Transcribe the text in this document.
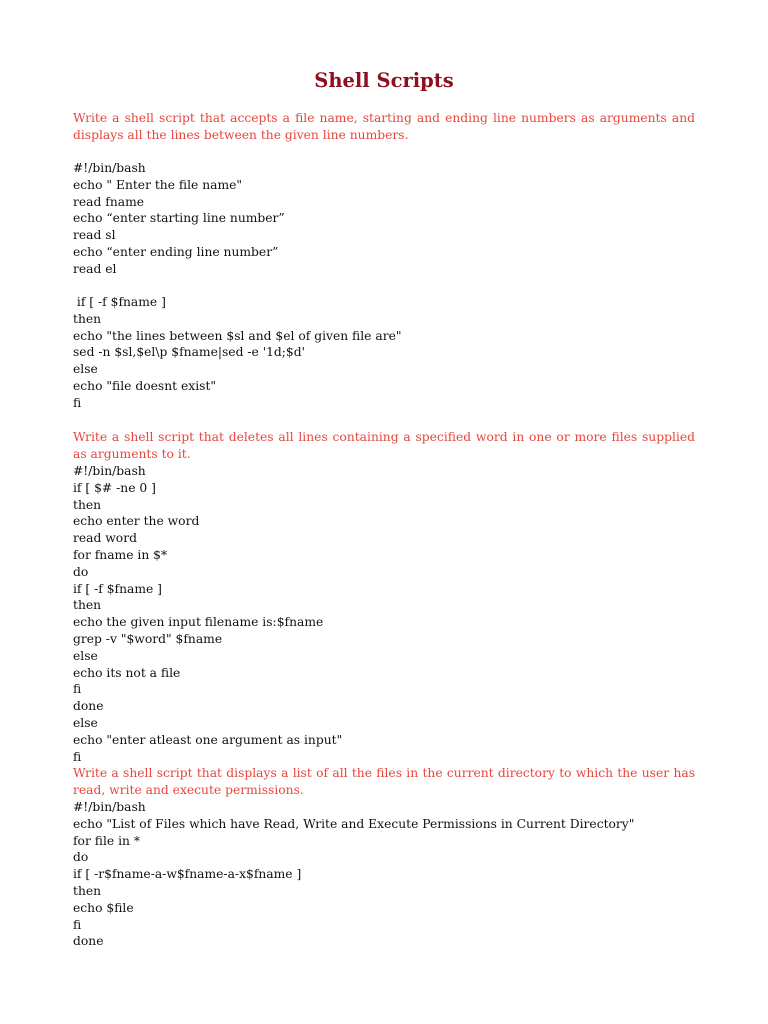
Shell Scripts

Write a shell script that accepts a file name, starting and ending line numbers as arguments and displays all the lines between the given line numbers.

#!/bin/bash
echo " Enter the file name"
read fname
echo “enter starting line number”
read sl
echo “enter ending line number”
read el
if [ -f $fname ]
then
echo "the lines between $sl and $el of given file are"
sed -n $sl,$el\p $fname|sed -e '1d;$d'
else
echo "file doesnt exist"
fi

Write a shell script that deletes all lines containing a specified word in one or more files supplied as arguments to it.

#!/bin/bash
if [ $# -ne 0 ]
then
echo enter the word
read word
for fname in $*
do
if [ -f $fname ]
then
echo the given input filename is:$fname
grep -v "$word" $fname
else
echo its not a file
fi
done
else
echo "enter atleast one argument as input"
fi

Write a shell script that displays a list of all the files in the current directory to which the user has read, write and execute permissions.

#!/bin/bash
echo "List of Files which have Read, Write and Execute Permissions in Current Directory"
for file in *
do
if [ -r$fname-a-w$fname-a-x$fname ]
then
echo $file
fi
done
